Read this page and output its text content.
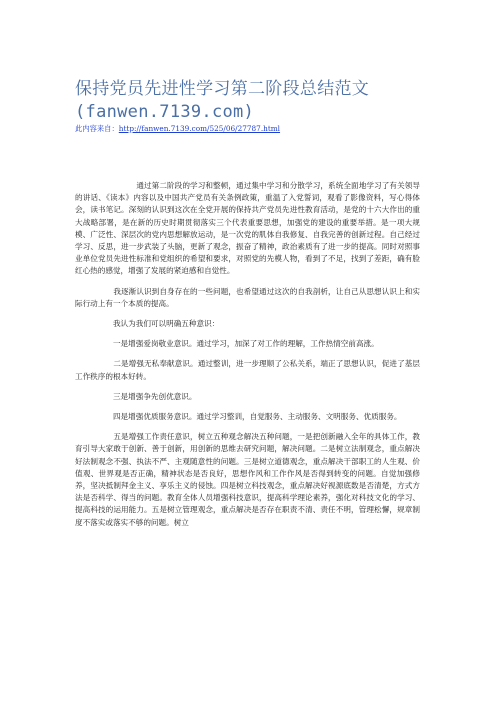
保持党员先进性学习第二阶段总结范文(fanwen.7139.com)
此内容来自：http://fanwen.7139.com/525/06/27787.html

　　　　　　　　通过第二阶段的学习和整顿，通过集中学习和分散学习，系统全面地学习了有关领导的讲话、《读本》内容以及中国共产党员有关条例政策，重温了入党誓词，观看了影像资料，写心得体会，读书笔记。深刻的认识到这次在全党开展的保持共产党员先进性教育活动，是党的十六大作出的重大战略部署，是在新的历史时期贯彻落实三个代表重要思想，加强党的建设的重要举措。是一项大规模、广泛性、深层次的党内思想解放运动，是一次党的肌体自我修复、自我完善的创新过程。自己经过学习、反思，进一步武装了头脑，更新了观念，振奋了精神，政治素质有了进一步的提高。同时对照事业单位党员先进性标准和党组织的希望和要求，对照党的先模人物，看到了不足，找到了差距，确有脸红心热的感觉，增强了发展的紧迫感和自觉性。

　　　　　我逐渐认识到自身存在的一些问题，也希望通过这次的自我剖析，让自己从思想认识上和实际行动上有一个本质的提高。

　　　　　我认为我们可以明确五种意识：

　　　　　一是增强爱岗敬业意识。通过学习，加深了对工作的理解，工作热情空前高涨。

　　　　　二是增强无私奉献意识。通过整训，进一步理顺了公私关系，端正了思想认识，促进了基层工作秩序的根本好转。

　　　　　三是增强争先创优意识。

　　　　　四是增强优质服务意识。通过学习整训，自觉服务、主动服务、文明服务、优质服务。

　　　　　五是增强工作责任意识，树立五种观念解决五种问题，一是把创新融入全年的具体工作，教育引导大家敢于创新、善于创新，用创新的思维去研究问题，解决问题。二是树立法制观念，重点解决好法制观念不强、执法不严、主观随意性的问题。三是树立道德观念，重点解决干部职工的人生观、价值观、世界观是否正确，精神状态是否良好，思想作风和工作作风是否得到转变的问题。自觉加强修养，坚决抵制拜金主义、享乐主义的侵蚀。四是树立科技观念，重点解决好视源底数是否清楚，方式方法是否科学、得当的问题。教育全体人员增强科技意识，提高科学理论素养，强化对科技文化的学习、提高科技的运用能力。五是树立管理观念，重点解决是否存在职责不清、责任不明，管理松懈，规章制度不落实或落实不够的问题。树立
